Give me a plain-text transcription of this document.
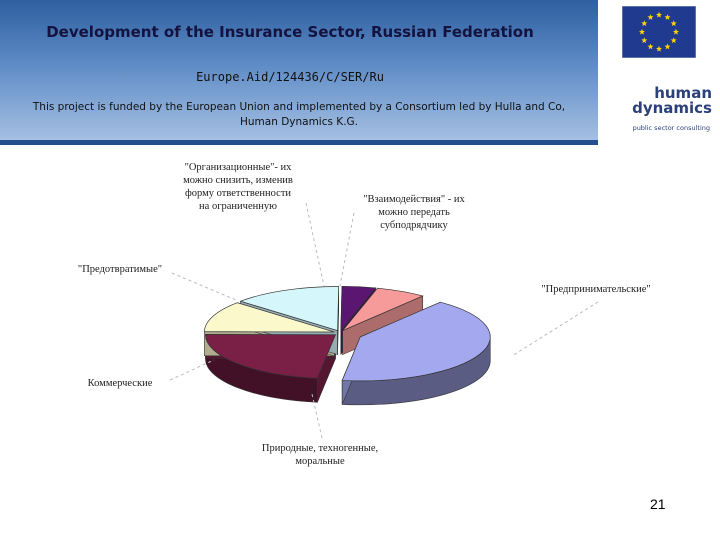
Development of the Insurance Sector, Russian Federation

Europe.Aid/124436/C/SER/Ru

This project is funded by the European Union and implemented by a Consortium led by Hulla and Co, Human Dynamics K.G.

human
dynamics
public sector consulting
"Предпринимательские"
Природные, техногенные, моральные
Коммерческие
"Предотвратимые"
"Организационные"- их можно снизить, изменив форму ответственности на ограниченную
"Взаимодействия" - их можно передать субподрядчику
21
